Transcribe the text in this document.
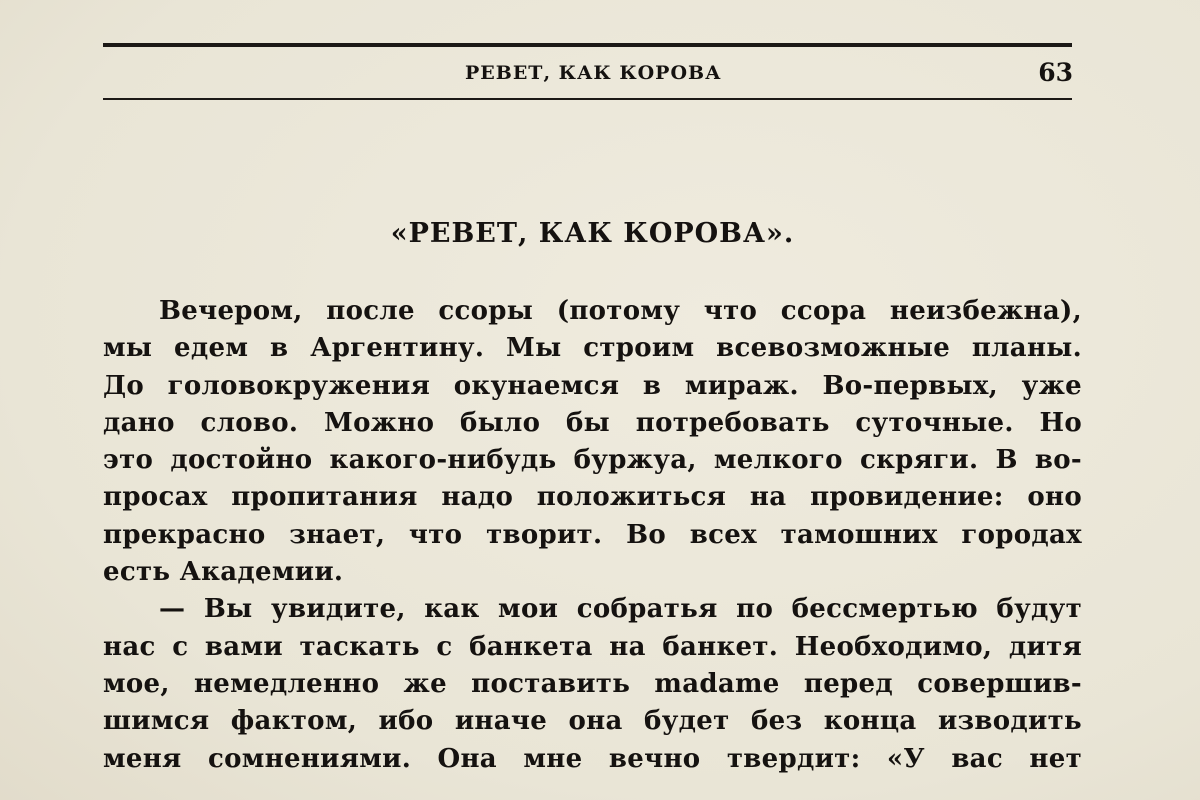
РЕВЕТ, КАК КОРОВА	63
«РЕВЕТ, КАК КОРОВА».
Вечером, после ссоры (потому что ссора неизбежна),
мы едем в Аргентину. Мы строим всевозможные планы.
До головокружения окунаемся в мираж. Во-первых, уже
дано слово. Можно было бы потребовать суточные. Но
это достойно какого-нибудь буржуа, мелкого скряги. В во-
просах пропитания надо положиться на провидение: оно
прекрасно знает, что творит. Во всех тамошних городах
есть Академии.
— Вы увидите, как мои собратья по бессмертью будут
нас с вами таскать с банкета на банкет. Необходимо, дитя
мое, немедленно же поставить madame перед совершив-
шимся фактом, ибо иначе она будет без конца изводить
меня сомнениями. Она мне вечно твердит: «У вас нет
